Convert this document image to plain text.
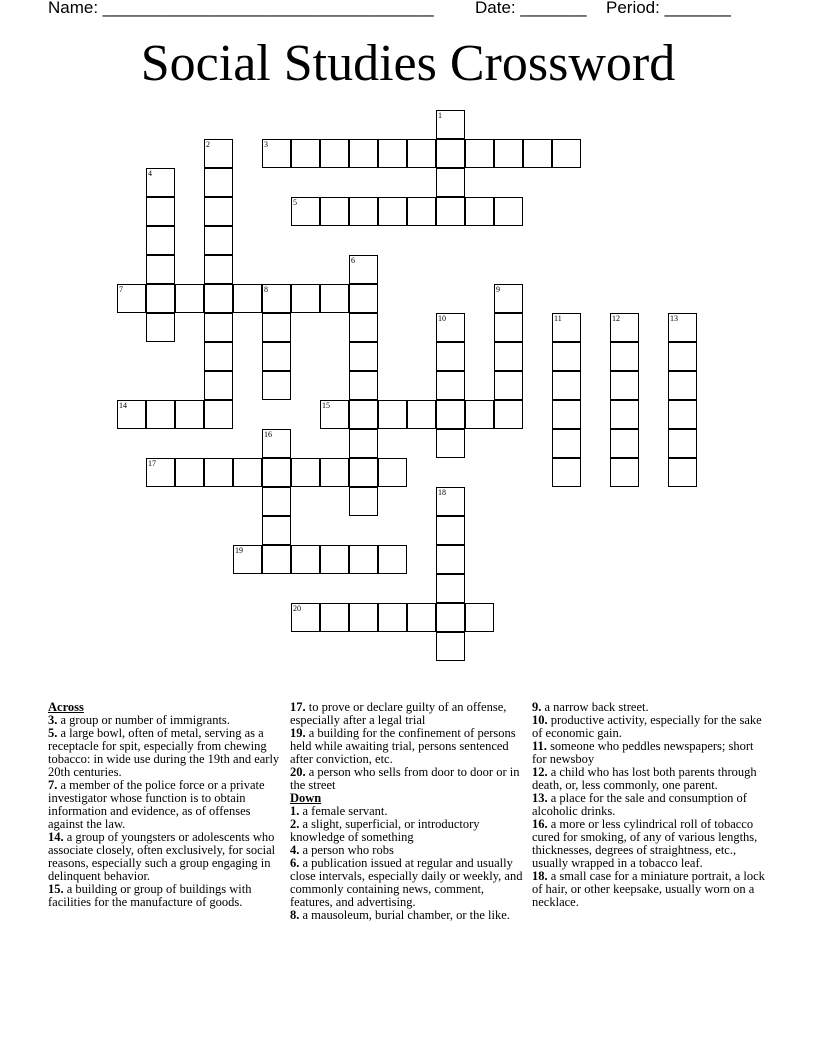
Name: ___________________________________ Date: _______ Period: _______
Social Studies Crossword
3
5
7	8
14	15
17
19
20
1
2
4
6
9
10	11	12	13
16
18
Across
3. a group or number of immigrants.
5. a large bowl, often of metal, serving as a receptacle for spit, especially from chewing tobacco: in wide use during the 19th and early 20th centuries.
7. a member of the police force or a private investigator whose function is to obtain information and evidence, as of offenses against the law.
14. a group of youngsters or adolescents who associate closely, often exclusively, for social reasons, especially such a group engaging in delinquent behavior.
15. a building or group of buildings with facilities for the manufacture of goods.
17. to prove or declare guilty of an offense, especially after a legal trial
19. a building for the confinement of persons held while awaiting trial, persons sentenced after conviction, etc.
20. a person who sells from door to door or in the street
Down
1. a female servant.
2. a slight, superficial, or introductory knowledge of something
4. a person who robs
6. a publication issued at regular and usually close intervals, especially daily or weekly, and commonly containing news, comment, features, and advertising.
8. a mausoleum, burial chamber, or the like.
9. a narrow back street.
10. productive activity, especially for the sake of economic gain.
11. someone who peddles newspapers; short for newsboy
12. a child who has lost both parents through death, or, less commonly, one parent.
13. a place for the sale and consumption of alcoholic drinks.
16. a more or less cylindrical roll of tobacco cured for smoking, of any of various lengths, thicknesses, degrees of straightness, etc., usually wrapped in a tobacco leaf.
18. a small case for a miniature portrait, a lock of hair, or other keepsake, usually worn on a necklace.
